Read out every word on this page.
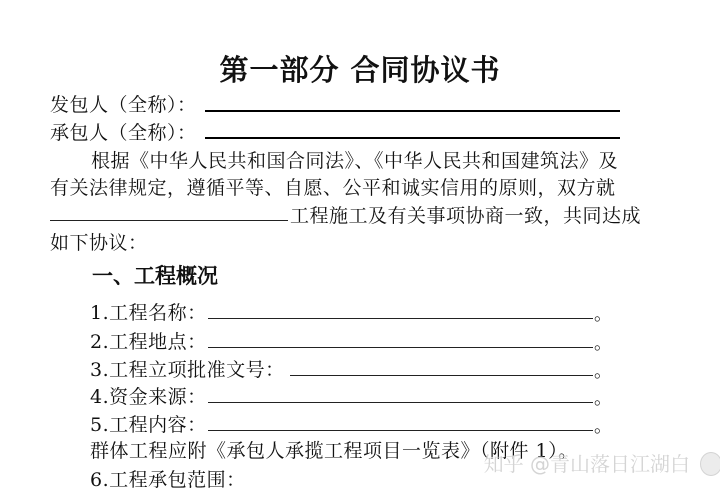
第一部分 合同协议书
发包人（全称）：
承包人（全称）：
根据《中华人民共和国合同法》、《中华人民共和国建筑法》及
有关法律规定，遵循平等、自愿、公平和诚实信用的原则，双方就
工程施工及有关事项协商一致，共同达成
如下协议：
一、工程概况
1.工程名称：	。
2.工程地点：	。
3.工程立项批准文号：	。
4.资金来源：	。
5.工程内容：	。
群体工程应附《承包人承揽工程项目一览表》（附件 1）。
6.工程承包范围：
知乎 @青山落日江湖白
